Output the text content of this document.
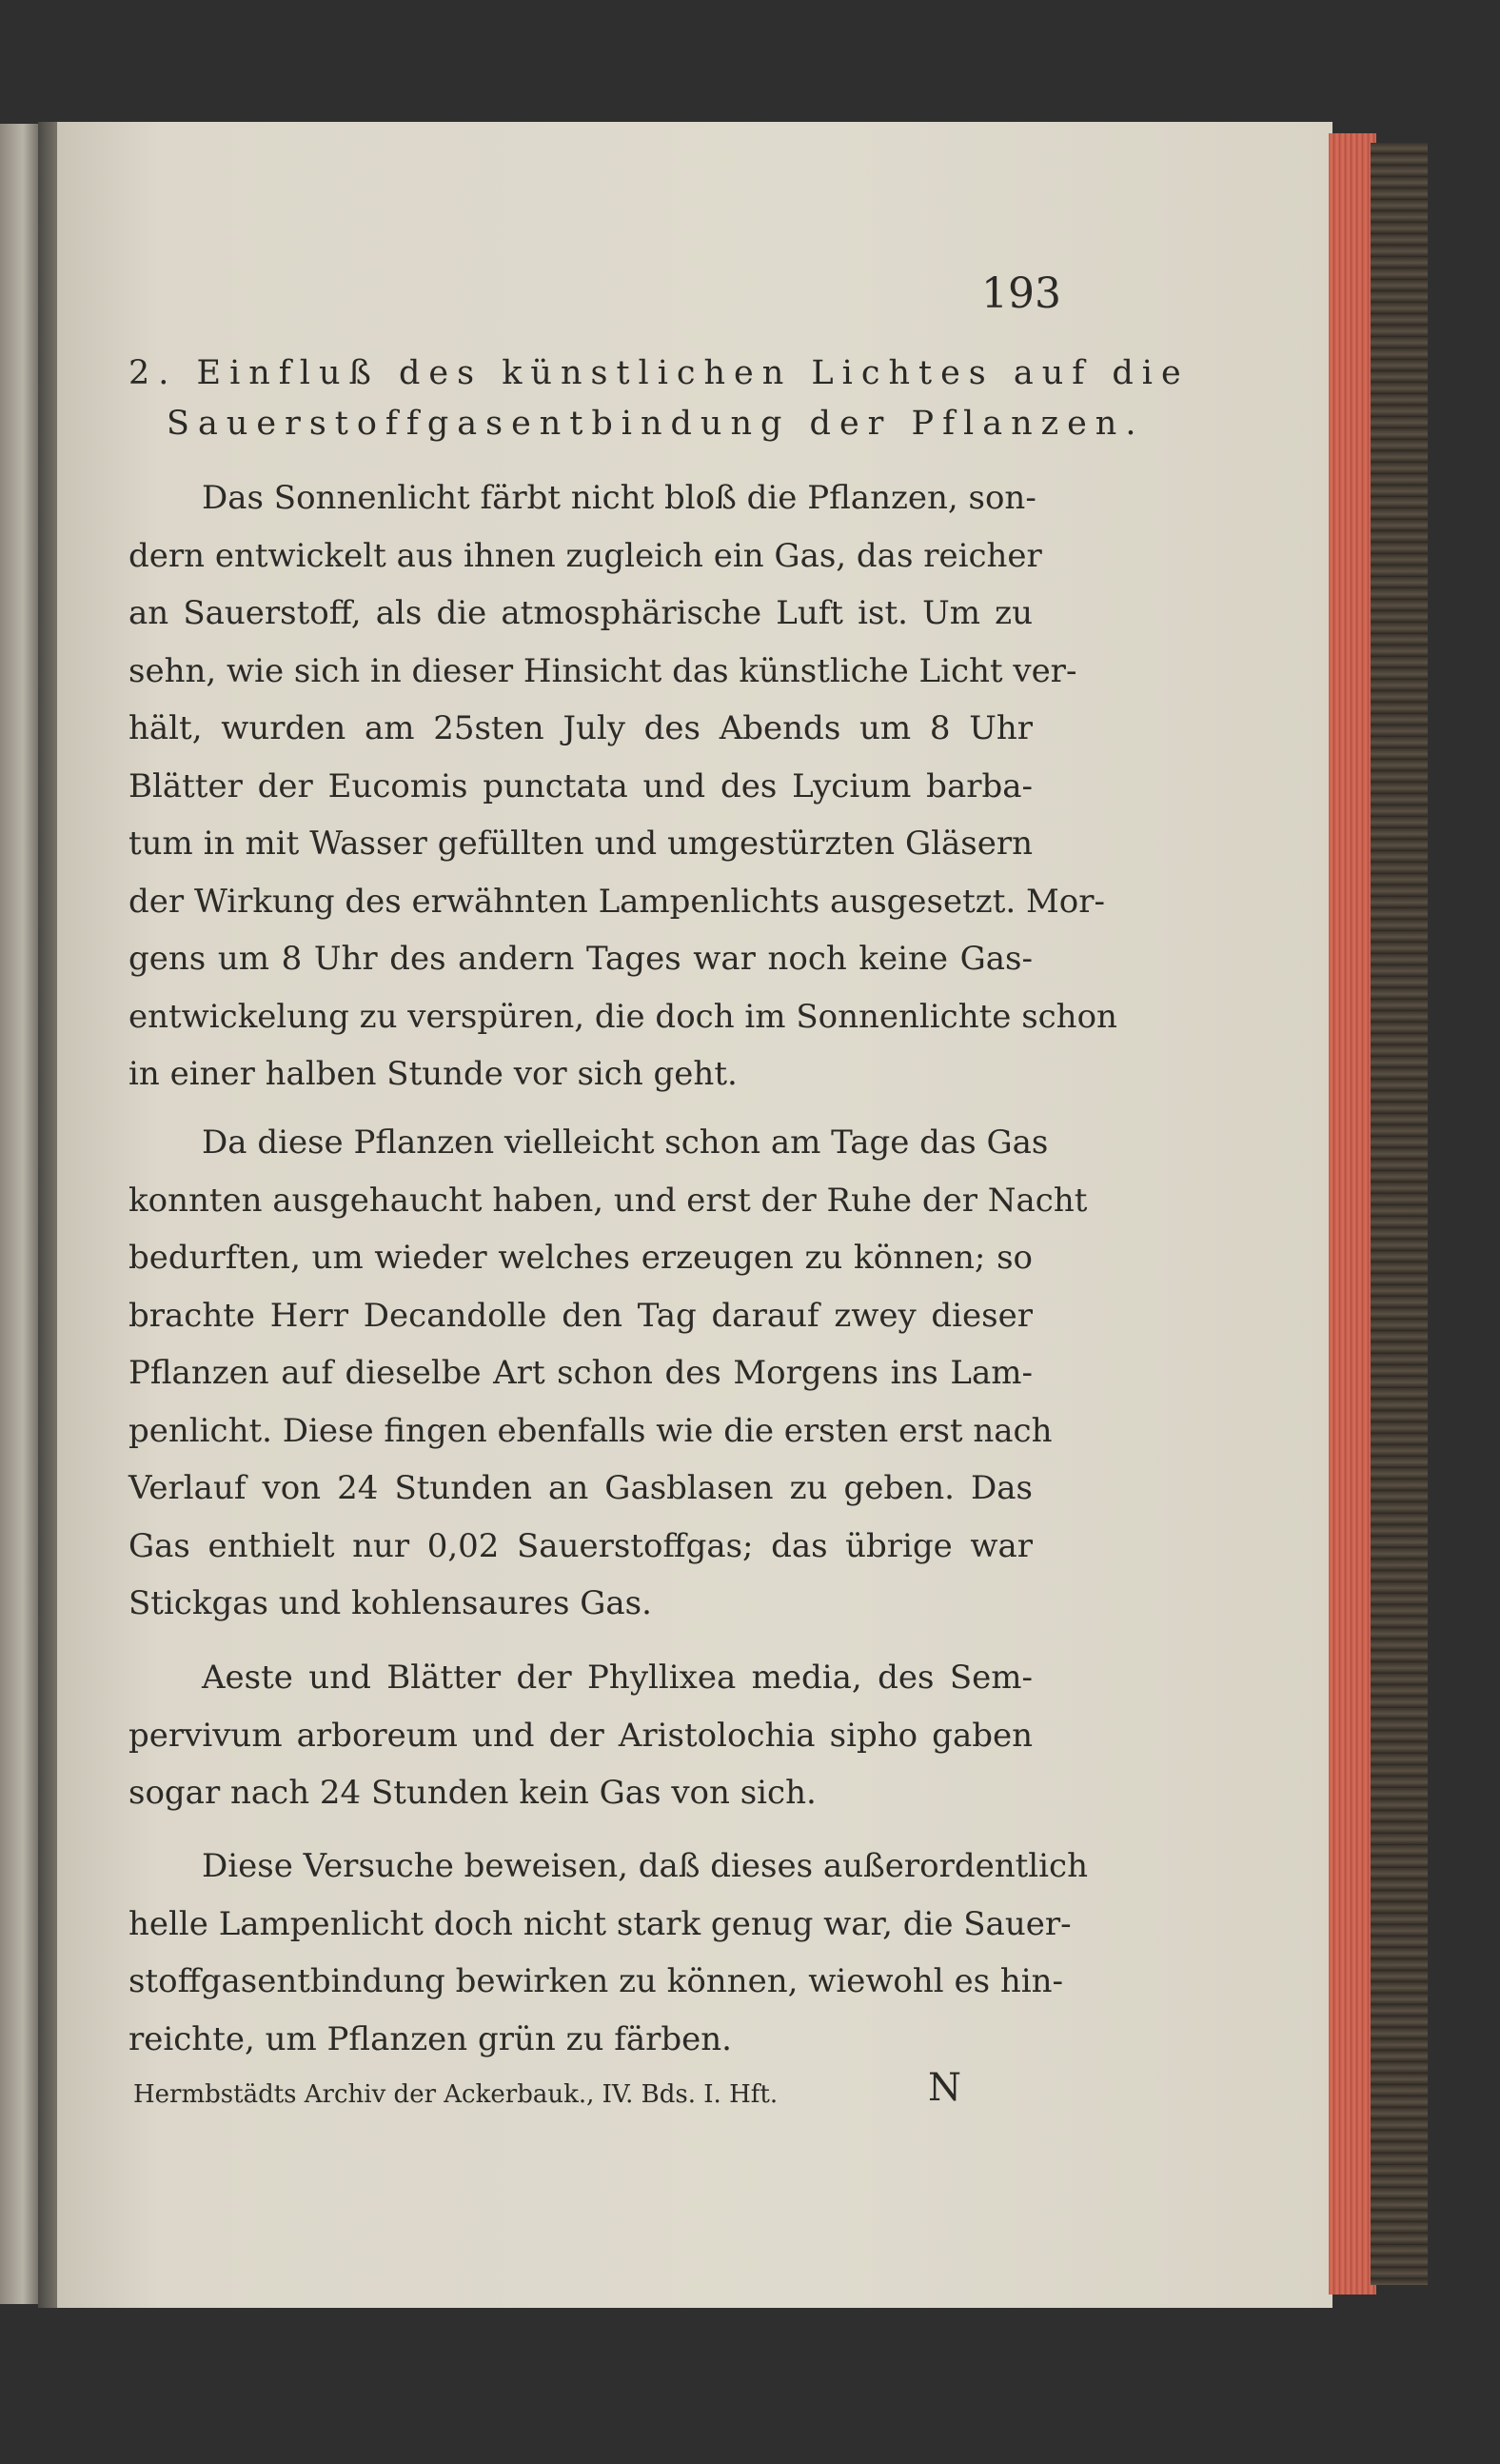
193
2. Einfluß des künstlichen Lichtes auf die
Sauerstoffgasentbindung der Pflanzen.
Das Sonnenlicht färbt nicht bloß die Pflanzen, son-
dern entwickelt aus ihnen zugleich ein Gas, das reicher
an Sauerstoff, als die atmosphärische Luft ist. Um zu
sehn, wie sich in dieser Hinsicht das künstliche Licht ver-
hält, wurden am 25sten July des Abends um 8 Uhr
Blätter der Eucomis punctata und des Lycium barba-
tum in mit Wasser gefüllten und umgestürzten Gläsern
der Wirkung des erwähnten Lampenlichts ausgesetzt. Mor-
gens um 8 Uhr des andern Tages war noch keine Gas-
entwickelung zu verspüren, die doch im Sonnenlichte schon
in einer halben Stunde vor sich geht.
Da diese Pflanzen vielleicht schon am Tage das Gas
konnten ausgehaucht haben, und erst der Ruhe der Nacht
bedurften, um wieder welches erzeugen zu können; so
brachte Herr Decandolle den Tag darauf zwey dieser
Pflanzen auf dieselbe Art schon des Morgens ins Lam-
penlicht. Diese fingen ebenfalls wie die ersten erst nach
Verlauf von 24 Stunden an Gasblasen zu geben. Das
Gas enthielt nur 0,02 Sauerstoffgas; das übrige war
Stickgas und kohlensaures Gas.
Aeste und Blätter der Phyllixea media, des Sem-
pervivum arboreum und der Aristolochia sipho gaben
sogar nach 24 Stunden kein Gas von sich.
Diese Versuche beweisen, daß dieses außerordentlich
helle Lampenlicht doch nicht stark genug war, die Sauer-
stoffgasentbindung bewirken zu können, wiewohl es hin-
reichte, um Pflanzen grün zu färben.
Hermbstädts Archiv der Ackerbauk., IV. Bds. I. Hft.	N
